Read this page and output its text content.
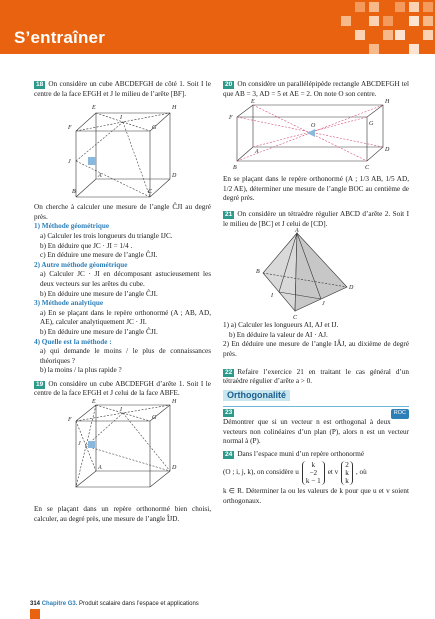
S’entraîner

18 On considère un cube ABCDEFGH de côté 1. Soit I le centre de la face EFGH et J le milieu de l’arête [BF].

E	H
F	G
I
J
A	D
B	C

On cherche à calculer une mesure de l’angle ĈJI au degré près.

1) Méthode géométrique

a) Calculer les trois longueurs du triangle IJC.

b) En déduire que JC · JI = 1/4 .

c) En déduire une mesure de l’angle ĈJI.

2) Autre méthode géométrique

a) Calculer JC · JI en décomposant astucieusement les deux vecteurs sur les arêtes du cube.

b) En déduire une mesure de l’angle ĈJI.

3) Méthode analytique

a) En se plaçant dans le repère orthonormé (A ; AB, AD, AE), calculer analytiquement JC · JI.

b) En déduire une mesure de l’angle ĈJI.

4) Quelle est la méthode :

a) qui demande le moins / le plus de connaissances théoriques ?

b) la moins / la plus rapide ?

19 On considère un cube ABCDEFGH d’arête 1. Soit I le centre de la face EFGH et J celui de la face ABFE.

E	H
F	G
I
J
A	D

En se plaçant dans un repère orthonormé bien choisi, calculer, au degré près, une mesure de l’angle ÎJD.

20 On considère un parallélépipède rectangle ABCDEFGH tel que AB = 3, AD = 5 et AE = 2. On note O son centre.

E	H
F
G
O
A	D
B	C

En se plaçant dans le repère orthonormé (A ; 1/3 AB, 1/5 AD, 1/2 AE), déterminer une mesure de l’angle BOC au centième de degré près.

21 On considère un tétraèdre régulier ABCD d’arête 2. Soit I le milieu de [BC] et J celui de [CD].

A
B
D
I
J
C

1) a) Calculer les longueurs AI, AJ et IJ.

b) En déduire la valeur de AI · AJ.

2) En déduire une mesure de l’angle IÂJ, au dixième de degré près.

22 Refaire l’exercice 21 en traitant le cas général d’un tétraèdre régulier d’arête a > 0.

Orthogonalité
23	ROC

Démontrer que si un vecteur n est orthogonal à deux vecteurs non colinéaires d’un plan (P), alors n est un vecteur normal à (P).

24 Dans l’espace muni d’un repère orthonormé

(O ; i, j, k), on considère u
k
−2
k − 1
et v
2
k
k
, où

k ∈ R. Déterminer la ou les valeurs de k pour que u et v soient orthogonaux.

314 Chapitre G3. Produit scalaire dans l’espace et applications
